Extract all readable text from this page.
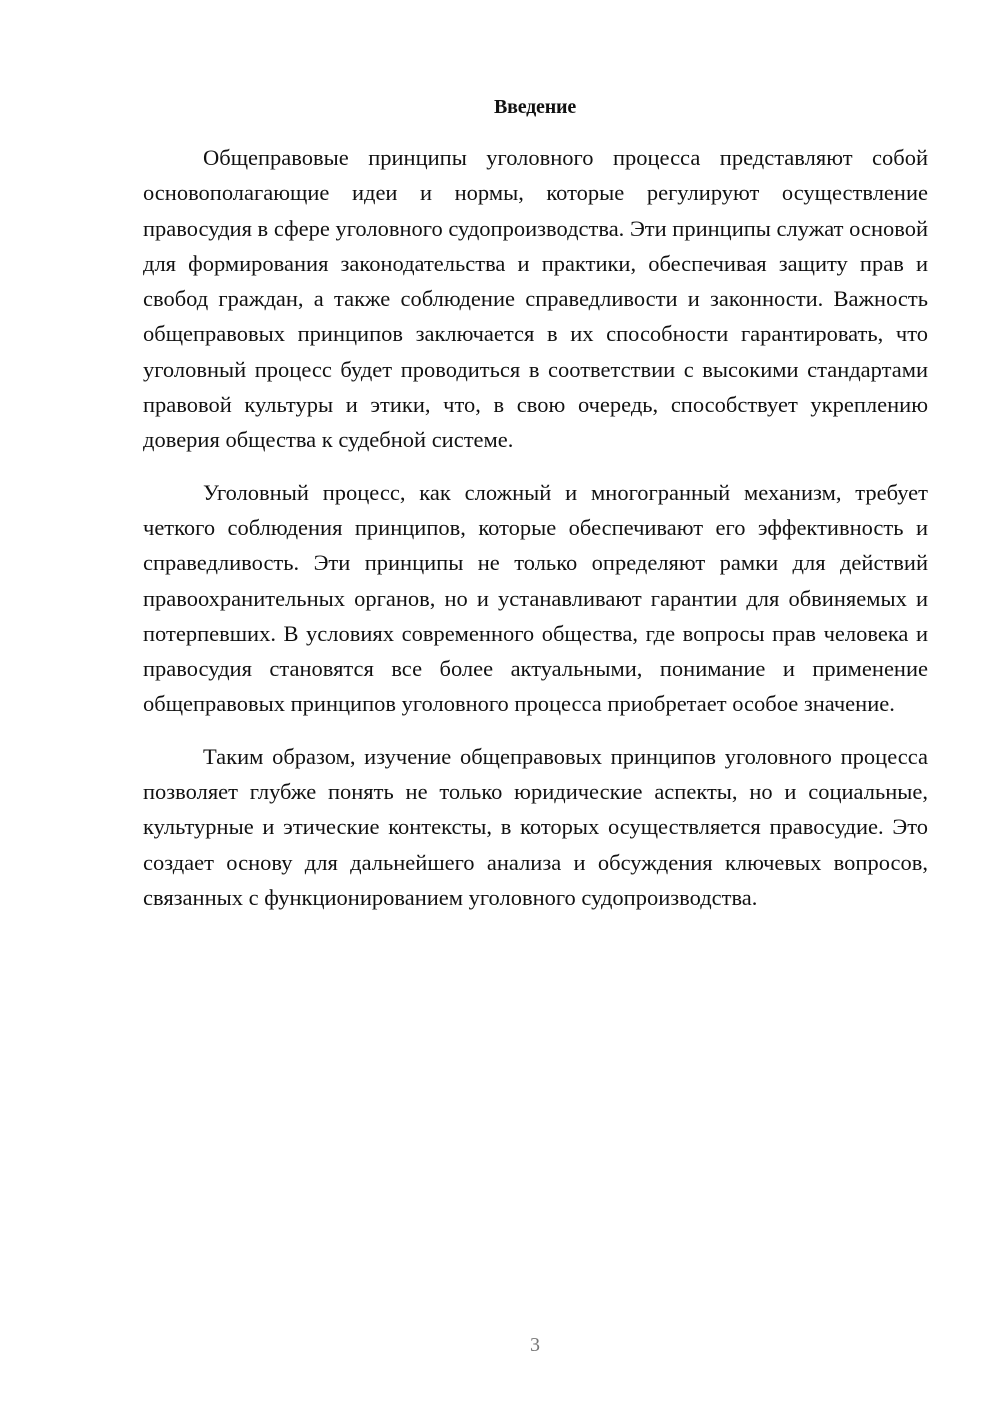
Введение

Общеправовые принципы уголовного процесса представляют собой основополагающие идеи и нормы, которые регулируют осуществление правосудия в сфере уголовного судопроизводства. Эти принципы служат основой для формирования законодательства и практики, обеспечивая защиту прав и свобод граждан, а также соблюдение справедливости и законности. Важность общеправовых принципов заключается в их способности гарантировать, что уголовный процесс будет проводиться в соответствии с высокими стандартами правовой культуры и этики, что, в свою очередь, способствует укреплению доверия общества к судебной системе.

Уголовный процесс, как сложный и многогранный механизм, требует четкого соблюдения принципов, которые обеспечивают его эффективность и справедливость. Эти принципы не только определяют рамки для действий правоохранительных органов, но и устанавливают гарантии для обвиняемых и потерпевших. В условиях современного общества, где вопросы прав человека и правосудия становятся все более актуальными, понимание и применение общеправовых принципов уголовного процесса приобретает особое значение.

Таким образом, изучение общеправовых принципов уголовного процесса позволяет глубже понять не только юридические аспекты, но и социальные, культурные и этические контексты, в которых осуществляется правосудие. Это создает основу для дальнейшего анализа и обсуждения ключевых вопросов, связанных с функционированием уголовного судопроизводства.

3
